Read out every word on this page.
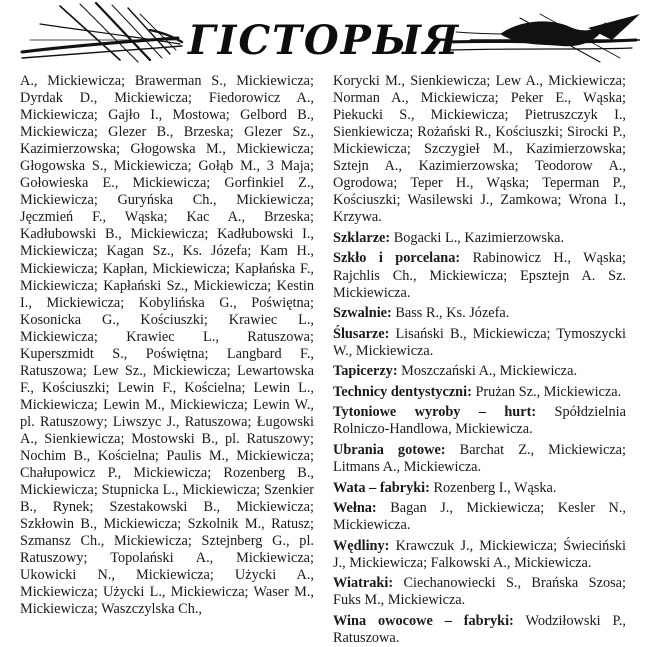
ГІСТОРЫЯ

A., Mickiewicza; Brawerman S., Mickiewicza; Dyrdak D., Mickiewicza; Fiedorowicz A., Mickiewicza; Gajło I., Mostowa; Gelbord B., Mickiewicza; Glezer B., Brzeska; Glezer Sz., Kazimierzowska; Głogowska M., Mickiewicza; Głogowska S., Mickiewicza; Gołąb M., 3 Maja; Gołowieska E., Mickiewicza; Gorfinkiel Z., Mickiewicza; Guryńska Ch., Mickiewicza; Jęczmień F., Wąska; Kac A., Brzeska; Kadłubowski B., Mickiewicza; Kadłubowski I., Mickiewicza; Kagan Sz., Ks. Józefa; Kam H., Mickiewicza; Kapłan, Mickiewicza; Kapłańska F., Mickiewicza; Kapłański Sz., Mickiewicza; Kestin I., Mickiewicza; Kobylińska G., Poświętna; Kosonicka G., Kościuszki; Krawiec L., Mickiewicza; Krawiec L., Ratuszowa; Kuperszmidt S., Poświętna; Langbard F., Ratuszowa; Lew Sz., Mickiewicza; Lewartowska F., Kościuszki; Lewin F., Kościelna; Lewin L., Mickiewicza; Lewin M., Mickiewicza; Lewin W., pl. Ratuszowy; Liwszyc J., Ratuszowa; Ługowski A., Sienkiewicza; Mostowski B., pl. Ratuszowy; Nochim B., Kościelna; Paulis M., Mickiewicza; Chałupowicz P., Mickiewicza; Rozenberg B., Mickiewicza; Stupnicka L., Mickiewicza; Szenkier B., Rynek; Szestakowski B., Mickiewicza; Szkłowin B., Mickiewicza; Szkolnik M., Ratusz; Szmansz Ch., Mickiewicza; Sztejnberg G., pl. Ratuszowy; Topolański A., Mickiewicza; Ukowicki N., Mickiewicza; Użycki A., Mickiewicza; Użycki L., Mickiewicza; Waser M., Mickiewicza; Waszczylska Ch.,

Korycki M., Sienkiewicza; Lew A., Mickiewicza; Norman A., Mickiewicza; Peker E., Wąska; Piekucki S., Mickiewicza; Pietruszczyk I., Sienkiewicza; Rożański R., Kościuszki; Sirocki P., Mickiewicza; Szczygieł M., Kazimierzowska; Sztejn A., Kazimierzowska; Teodorow A., Ogrodowa; Teper H., Wąska; Teperman P., Kościuszki; Wasilewski J., Zamkowa; Wrona I., Krzywa.

Szklarze: Bogacki L., Kazimierzowska.

Szkło i porcelana: Rabinowicz H., Wąska; Rajchlis Ch., Mickiewicza; Epsztejn A. Sz. Mickiewicza.

Szwalnie: Bass R., Ks. Józefa.

Ślusarze: Lisański B., Mickiewicza; Tymoszycki W., Mickiewicza.

Tapicerzy: Moszczański A., Mickiewicza.

Technicy dentystyczni: Prużan Sz., Mickiewicza.

Tytoniowe wyroby – hurt: Spółdzielnia Rolniczo-Handlowa, Mickiewicza.

Ubrania gotowe: Barchat Z., Mickiewicza; Litmans A., Mickiewicza.

Wata – fabryki: Rozenberg I., Wąska.

Wełna: Bagan J., Mickiewicza; Kesler N., Mickiewicza.

Wędliny: Krawczuk J., Mickiewicza; Świeciński J., Mickiewicza; Falkowski A., Mickiewicza.

Wiatraki: Ciechanowiecki S., Brańska Szosa; Fuks M., Mickiewicza.

Wina owocowe – fabryki: Wodziłowski P., Ratuszowa.
